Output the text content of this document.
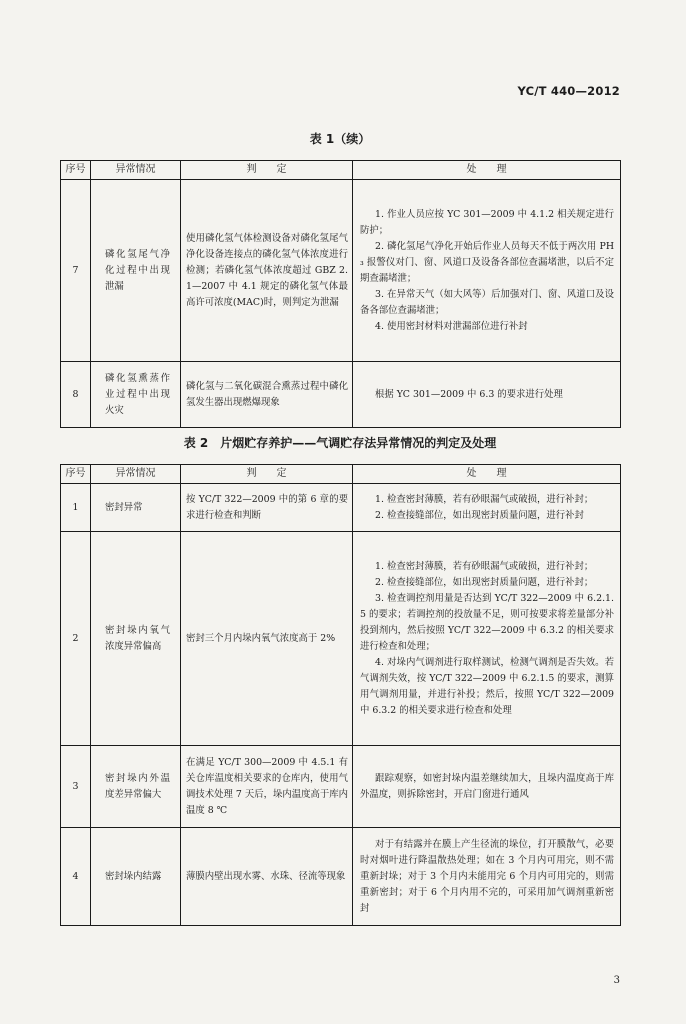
YC/T 440—2012
表 1（续）
序号	异常情况	判　　定	处　　理
7	磷化氢尾气净化过程中出现泄漏	使用磷化氢气体检测设备对磷化氢尾气净化设备连接点的磷化氢气体浓度进行检测；若磷化氢气体浓度超过 GBZ 2.1—2007 中 4.1 规定的磷化氢气体最高许可浓度(MAC)时，则判定为泄漏	1. 作业人员应按 YC 301—2009 中 4.1.2 相关规定进行防护；
2. 磷化氢尾气净化开始后作业人员每天不低于两次用 PH₃ 报警仪对门、窗、风道口及设备各部位查漏堵泄，以后不定期查漏堵泄；
3. 在异常天气（如大风等）后加强对门、窗、风道口及设备各部位查漏堵泄；
4. 使用密封材料对泄漏部位进行补封

8	磷化氢熏蒸作业过程中出现火灾	磷化氢与二氧化碳混合熏蒸过程中磷化氢发生器出现燃爆现象	根据 YC 301—2009 中 6.3 的要求进行处理
表 2　片烟贮存养护——气调贮存法异常情况的判定及处理
序号	异常情况	判　　定	处　　理
1	密封异常	按 YC/T 322—2009 中的第 6 章的要求进行检查和判断	1. 检查密封薄膜，若有砂眼漏气或破损，进行补封；
2. 检查接缝部位，如出现密封质量问题，进行补封

2	密封垛内氧气浓度异常偏高	密封三个月内垛内氧气浓度高于 2%	1. 检查密封薄膜，若有砂眼漏气或破损，进行补封；
2. 检查接缝部位，如出现密封质量问题，进行补封；
3. 检查调控剂用量是否达到 YC/T 322—2009 中 6.2.1.5 的要求；若调控剂的投放量不足，则可按要求将差量部分补投到剂内，然后按照 YC/T 322—2009 中 6.3.2 的相关要求进行检查和处理；
4. 对垛内气调剂进行取样测试，检测气调剂是否失效。若气调剂失效，按 YC/T 322—2009 中 6.2.1.5 的要求，测算用气调剂用量，并进行补投；然后，按照 YC/T 322—2009 中 6.3.2 的相关要求进行检查和处理

3	密封垛内外温度差异常偏大	在满足 YC/T 300—2009 中 4.5.1 有关仓库温度相关要求的仓库内，使用气调技术处理 7 天后，垛内温度高于库内温度 8 ℃	跟踪观察，如密封垛内温差继续加大，且垛内温度高于库外温度，则拆除密封，开启门窗进行通风

4	密封垛内结露	薄膜内壁出现水雾、水珠、径流等现象	对于有结露并在膜上产生径流的垛位，打开膜散气，必要时对烟叶进行降温散热处理；如在 3 个月内可用完，则不需重新封垛；对于 3 个月内未能用完 6 个月内可用完的，则需重新密封；对于 6 个月内用不完的，可采用加气调剂重新密封
3
